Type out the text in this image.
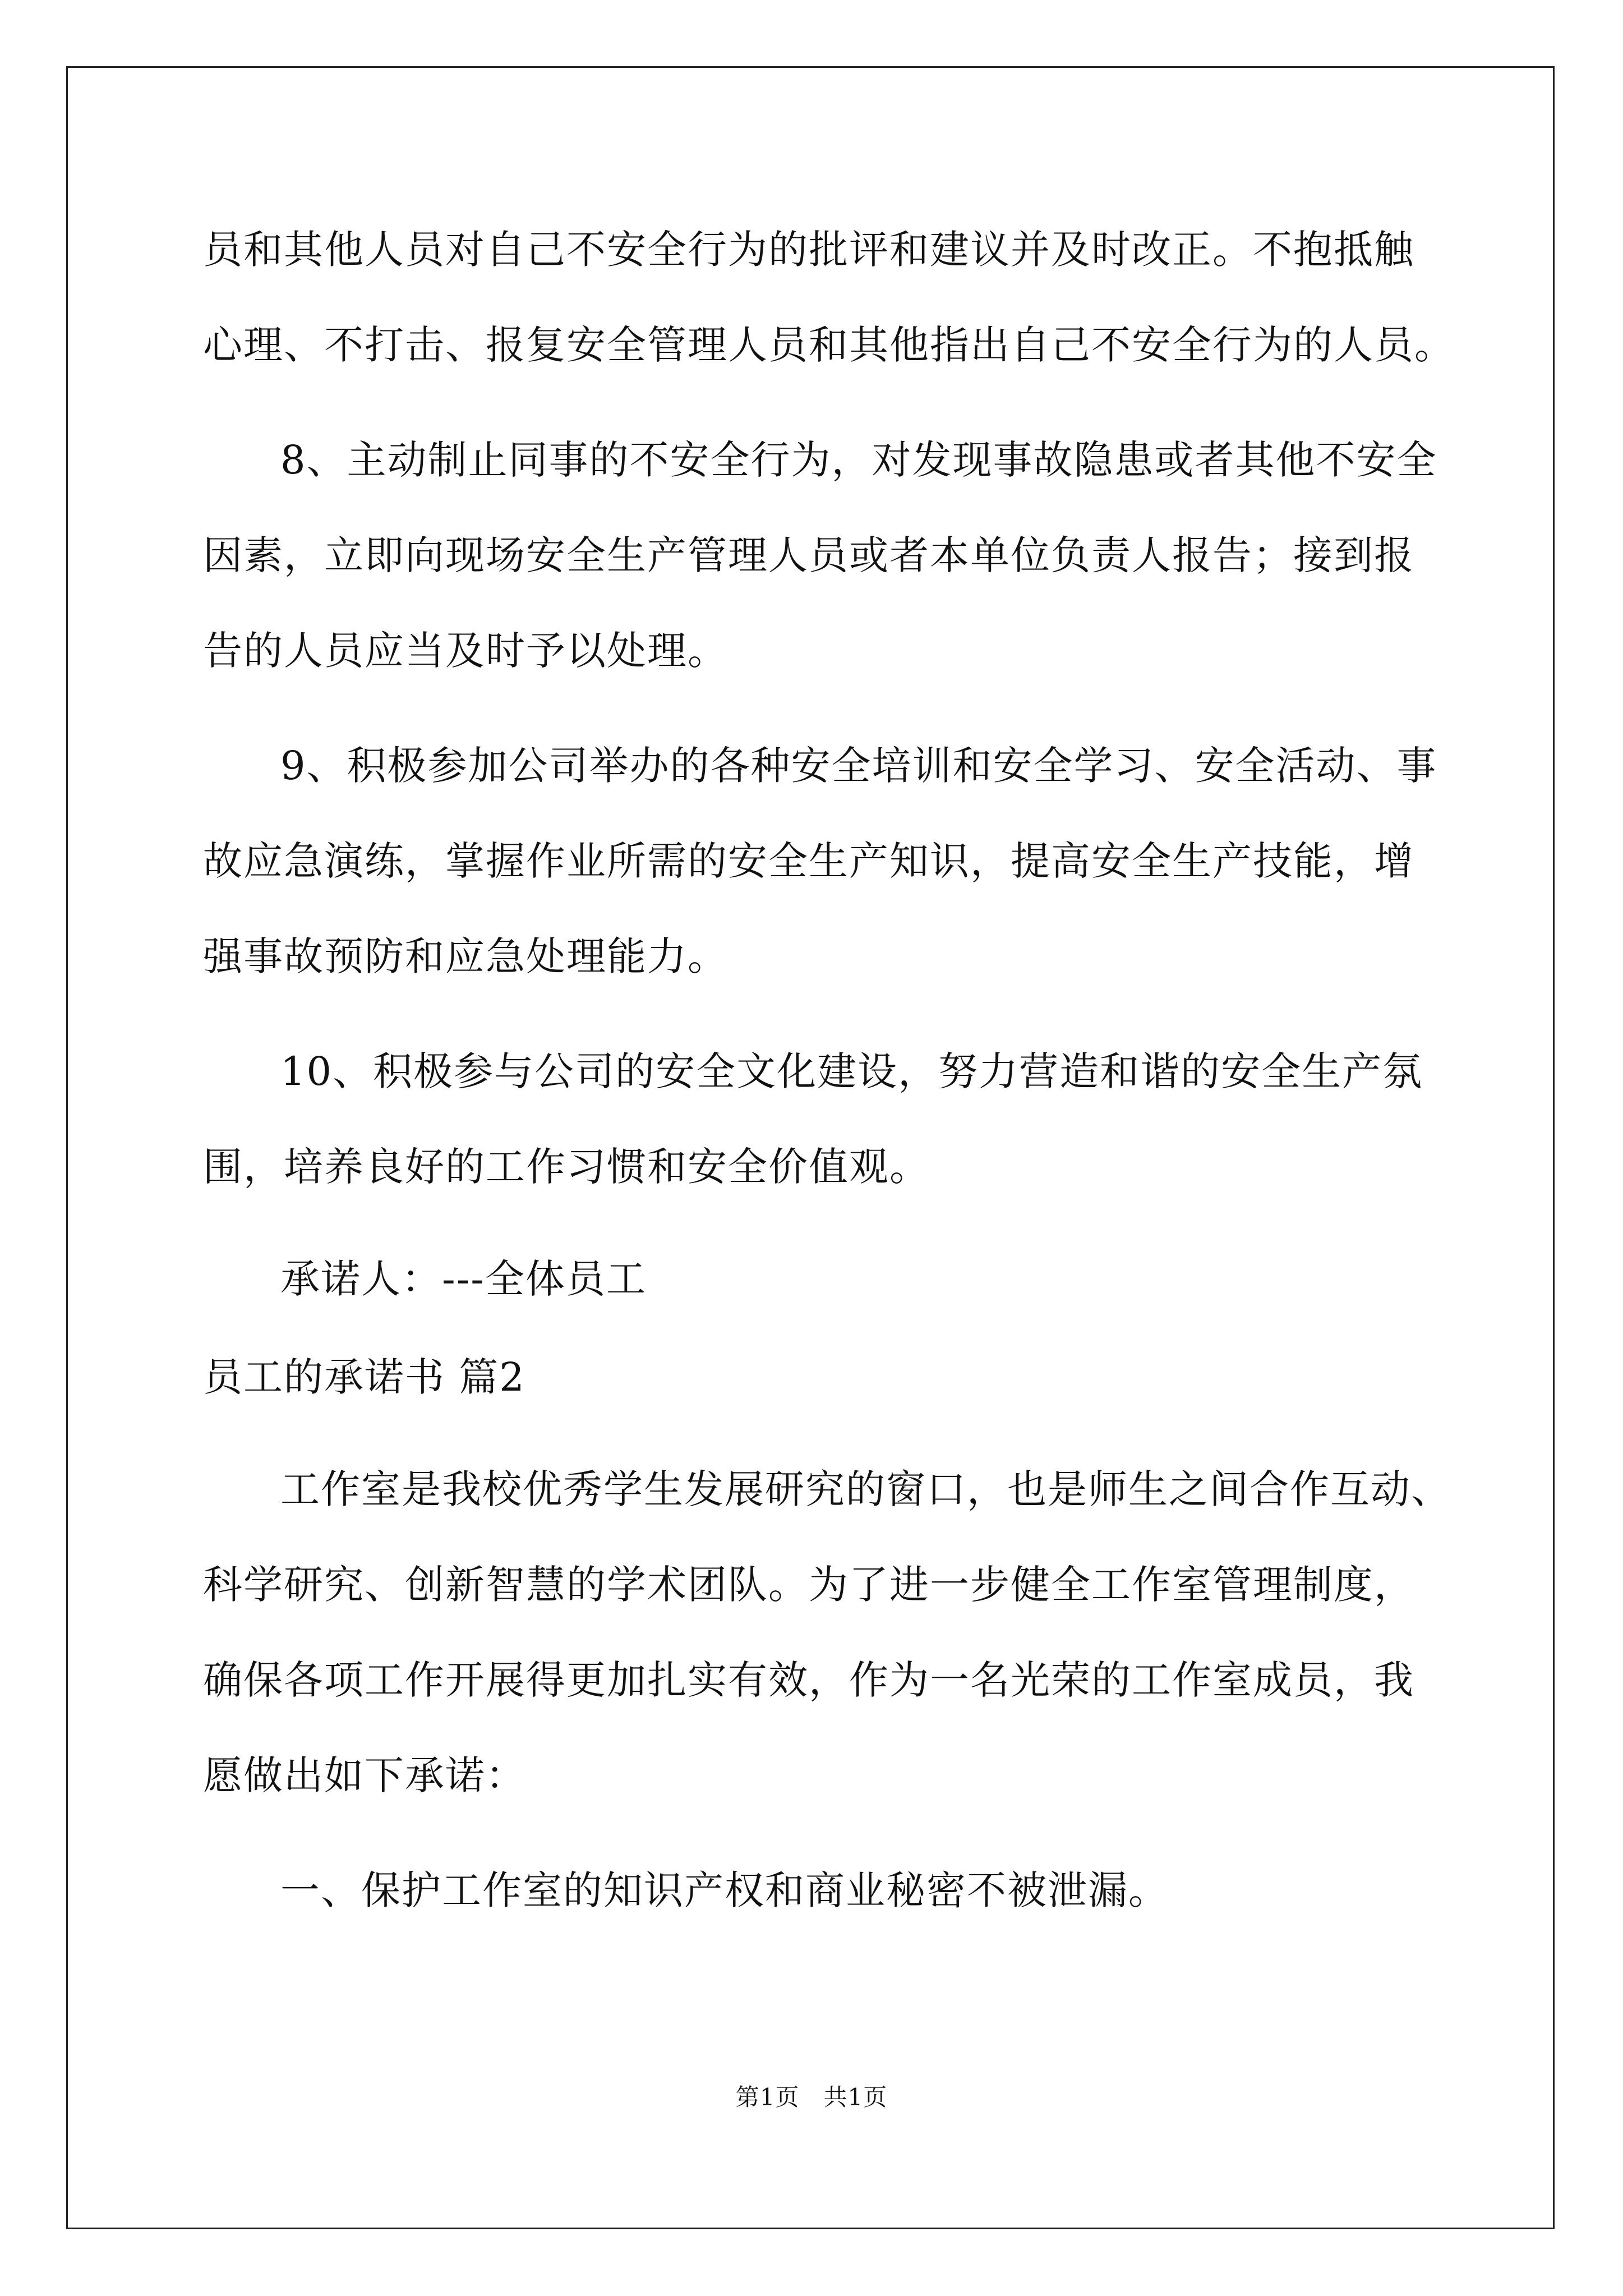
员和其他人员对自己不安全行为的批评和建议并及时改正。不抱抵触

心理、不打击、报复安全管理人员和其他指出自己不安全行为的人员。

8、主动制止同事的不安全行为，对发现事故隐患或者其他不安全

因素，立即向现场安全生产管理人员或者本单位负责人报告；接到报

告的人员应当及时予以处理。

9、积极参加公司举办的各种安全培训和安全学习、安全活动、事

故应急演练，掌握作业所需的安全生产知识，提高安全生产技能，增

强事故预防和应急处理能力。

10、积极参与公司的安全文化建设，努力营造和谐的安全生产氛

围，培养良好的工作习惯和安全价值观。

承诺人：---全体员工

员工的承诺书 篇2

工作室是我校优秀学生发展研究的窗口，也是师生之间合作互动、

科学研究、创新智慧的学术团队。为了进一步健全工作室管理制度，

确保各项工作开展得更加扎实有效，作为一名光荣的工作室成员，我

愿做出如下承诺：

一、保护工作室的知识产权和商业秘密不被泄漏。

第1页　共1页
